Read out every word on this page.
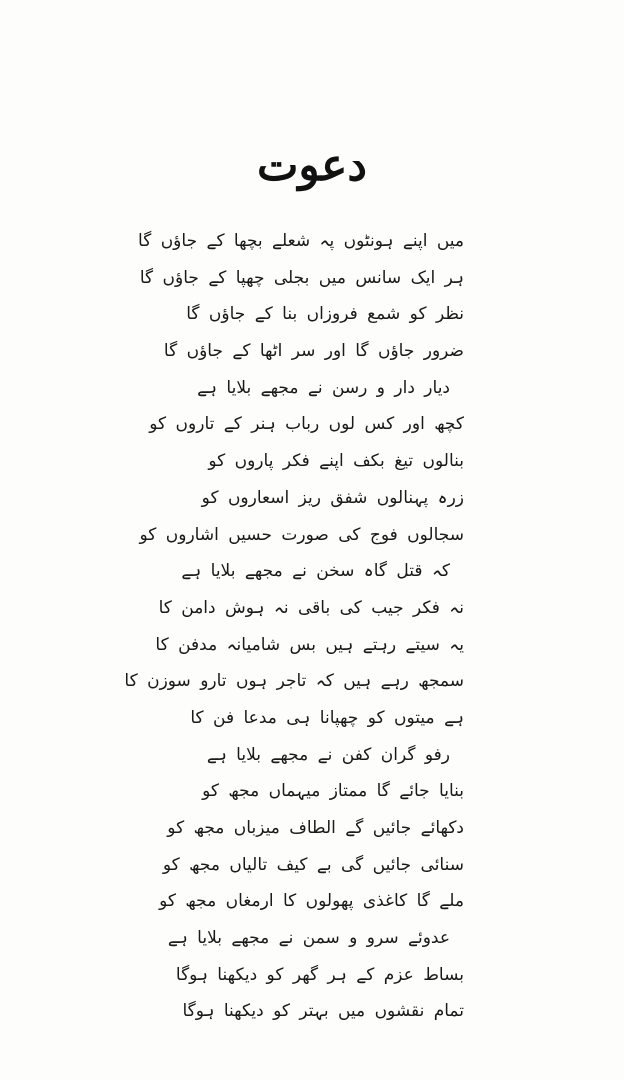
دعوت
میں اپنے ہونٹوں پہ شعلے بچھا کے جاؤں گا
ہر ایک سانس میں بجلی چھپا کے جاؤں گا
نظر کو شمع فروزاں بنا کے جاؤں گا
ضرور جاؤں گا اور سر اٹھا کے جاؤں گا
دیار دار و رسن نے مجھے بلایا ہے
کچھ اور کس لوں رباب ہنر کے تاروں کو
بنالوں تیغ بکف اپنے فکر پاروں کو
زرہ پہنالوں شفق ریز اسعاروں کو
سجالوں فوج کی صورت حسیں اشاروں کو
کہ قتل گاہ سخن نے مجھے بلایا ہے
نہ فکر جیب کی باقی نہ ہوش دامن کا
یہ سیتے رہتے ہیں بس شامیانہ مدفن کا
سمجھ رہے ہیں کہ تاجر ہوں تارو سوزن کا
ہے میتوں کو چھپانا ہی مدعا فن کا
رفو گران کفن نے مجھے بلایا ہے
بنایا جائے گا ممتاز میہماں مجھ کو
دکھائے جائیں گے الطاف میزباں مجھ کو
سنائی جائیں گی بے کیف تالیاں مجھ کو
ملے گا کاغذی پھولوں کا ارمغاں مجھ کو
عدوئے سرو و سمن نے مجھے بلایا ہے
بساط عزم کے ہر گھر کو دیکھنا ہوگا
تمام نقشوں میں بہتر کو دیکھنا ہوگا
